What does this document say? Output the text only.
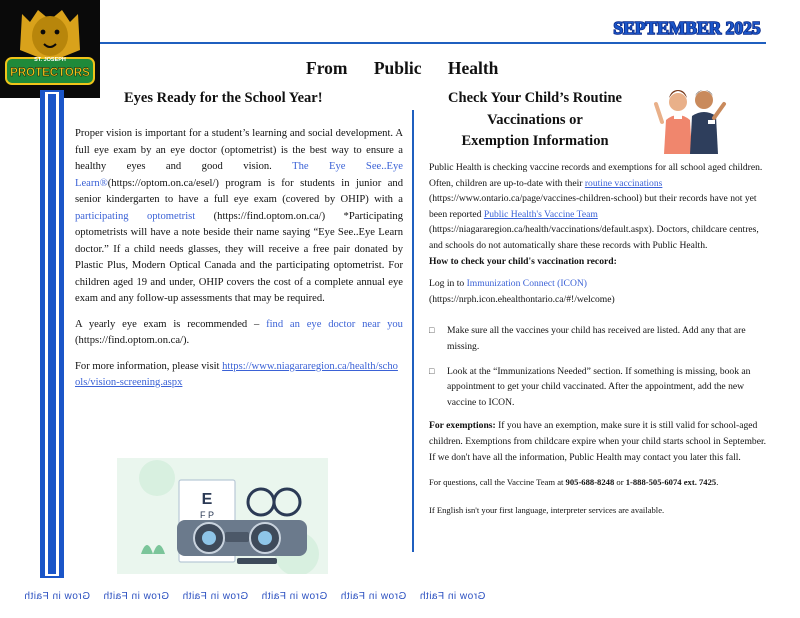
ST. JOSEPH
PROTECTORS
SEPTEMBER 2025
From Public Health
Eyes Ready for the School Year!

Proper vision is important for a student’s learning and social development. A full eye exam by an eye doctor (optometrist) is the best way to ensure a healthy eyes and good vision. The Eye See..Eye Learn®(https://optom.on.ca/esel/) program is for students in junior and senior kindergarten to have a full eye exam (covered by OHIP) with a participating optometrist (https://find.optom.on.ca/) *Participating optometrists will have a note beside their name saying “Eye See..Eye Learn doctor.” If a child needs glasses, they will receive a free pair donated by Plastic Plus, Modern Optical Canada and the participating optometrist. For children aged 19 and under, OHIP covers the cost of a complete annual eye exam and any follow-up assessments that may be required.

A yearly eye exam is recommended – find an eye doctor near you (https://find.optom.on.ca/).

For more information, please visit https://www.niagararegion.ca/health/schools/vision-screening.aspx

E
F P
Check Your Child’s Routine
Vaccinations or
Exemption Information

Public Health is checking vaccine records and exemptions for all school aged children. Often, children are up-to-date with their routine vaccinations (https://www.ontario.ca/page/vaccines-children-school) but their records have not yet been reported Public Health's Vaccine Team (https://niagararegion.ca/health/vaccinations/default.aspx). Doctors, childcare centres, and schools do not automatically share these records with Public Health.

How to check your child's vaccination record:

Log in to Immunization Connect (ICON) (https://nrph.icon.ehealthontario.ca/#!/welcome)

□	Make sure all the vaccines your child has received are listed. Add any that are missing.
□	Look at the “Immunizations Needed” section. If something is missing, book an appointment to get your child vaccinated. After the appointment, add the new vaccine to ICON.

For exemptions: If you have an exemption, make sure it is still valid for school-aged children. Exemptions from childcare expire when your child starts school in September.

If we don't have all the information, Public Health may contact you later this fall.

For questions, call the Vaccine Team at 905-688-8248 or 1-888-505-6074 ext. 7425.

If English isn't your first language, interpreter services are available.

Grow in Faith    Grow in Faith    Grow in Faith    Grow in Faith    Grow in Faith    Grow in Faith
